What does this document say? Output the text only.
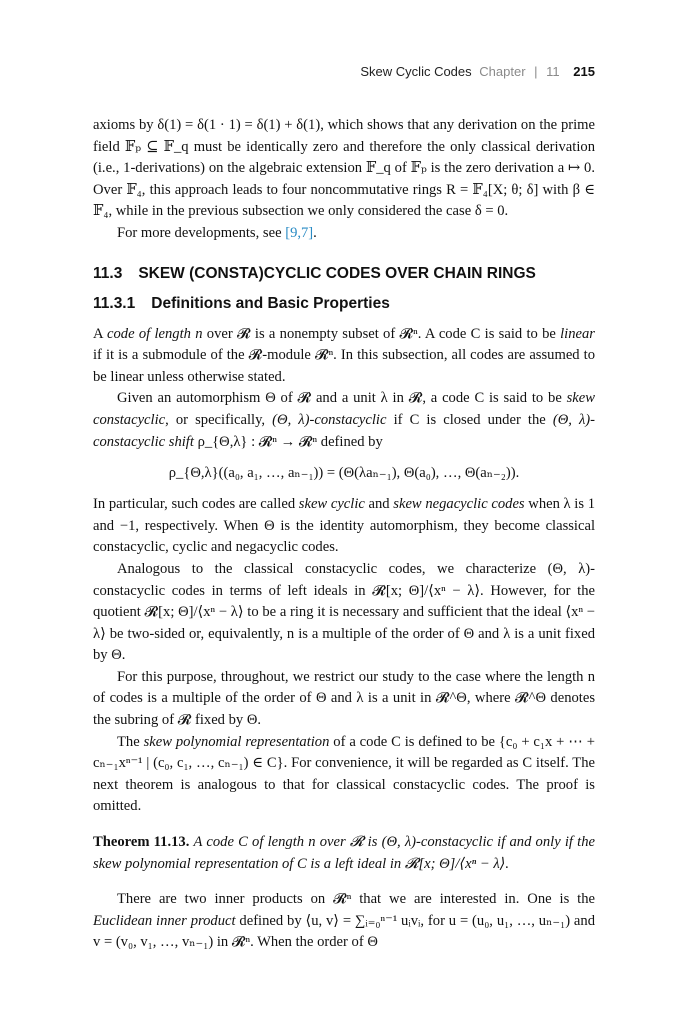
Skew Cyclic Codes Chapter | 11 215

axioms by δ(1) = δ(1 · 1) = δ(1) + δ(1), which shows that any derivation on the prime field 𝔽ₚ ⊆ 𝔽_q must be identically zero and therefore the only classical derivation (i.e., 1-derivations) on the algebraic extension 𝔽_q of 𝔽ₚ is the zero derivation a ↦ 0. Over 𝔽₄, this approach leads to four noncommutative rings R = 𝔽₄[X; θ; δ] with β ∈ 𝔽₄, while in the previous subsection we only considered the case δ = 0.

For more developments, see [9,7].

11.3 SKEW (CONSTA)CYCLIC CODES OVER CHAIN RINGS
11.3.1 Definitions and Basic Properties

A code of length n over 𝓡 is a nonempty subset of 𝓡ⁿ. A code C is said to be linear if it is a submodule of the 𝓡-module 𝓡ⁿ. In this subsection, all codes are assumed to be linear unless otherwise stated.

Given an automorphism Θ of 𝓡 and a unit λ in 𝓡, a code C is said to be skew constacyclic, or specifically, (Θ, λ)-constacyclic if C is closed under the (Θ, λ)-constacyclic shift ρ_{Θ,λ} : 𝓡ⁿ → 𝓡ⁿ defined by

ρ_{Θ,λ}((a₀, a₁, …, aₙ₋₁)) = (Θ(λaₙ₋₁), Θ(a₀), …, Θ(aₙ₋₂)).

In particular, such codes are called skew cyclic and skew negacyclic codes when λ is 1 and −1, respectively. When Θ is the identity automorphism, they become classical constacyclic, cyclic and negacyclic codes.

Analogous to the classical constacyclic codes, we characterize (Θ, λ)-constacyclic codes in terms of left ideals in 𝓡[x; Θ]/⟨xⁿ − λ⟩. However, for the quotient 𝓡[x; Θ]/⟨xⁿ − λ⟩ to be a ring it is necessary and sufficient that the ideal ⟨xⁿ − λ⟩ be two-sided or, equivalently, n is a multiple of the order of Θ and λ is a unit fixed by Θ.

For this purpose, throughout, we restrict our study to the case where the length n of codes is a multiple of the order of Θ and λ is a unit in 𝓡^Θ, where 𝓡^Θ denotes the subring of 𝓡 fixed by Θ.

The skew polynomial representation of a code C is defined to be {c₀ + c₁x + ⋯ + cₙ₋₁xⁿ⁻¹ | (c₀, c₁, …, cₙ₋₁) ∈ C}. For convenience, it will be regarded as C itself. The next theorem is analogous to that for classical constacyclic codes. The proof is omitted.

Theorem 11.13. A code C of length n over 𝓡 is (Θ, λ)-constacyclic if and only if the skew polynomial representation of C is a left ideal in 𝓡[x; Θ]/⟨xⁿ − λ⟩.

There are two inner products on 𝓡ⁿ that we are interested in. One is the Euclidean inner product defined by ⟨u, v⟩ = ∑ᵢ₌₀ⁿ⁻¹ uᵢvᵢ, for u = (u₀, u₁, …, uₙ₋₁) and v = (v₀, v₁, …, vₙ₋₁) in 𝓡ⁿ. When the order of Θ
